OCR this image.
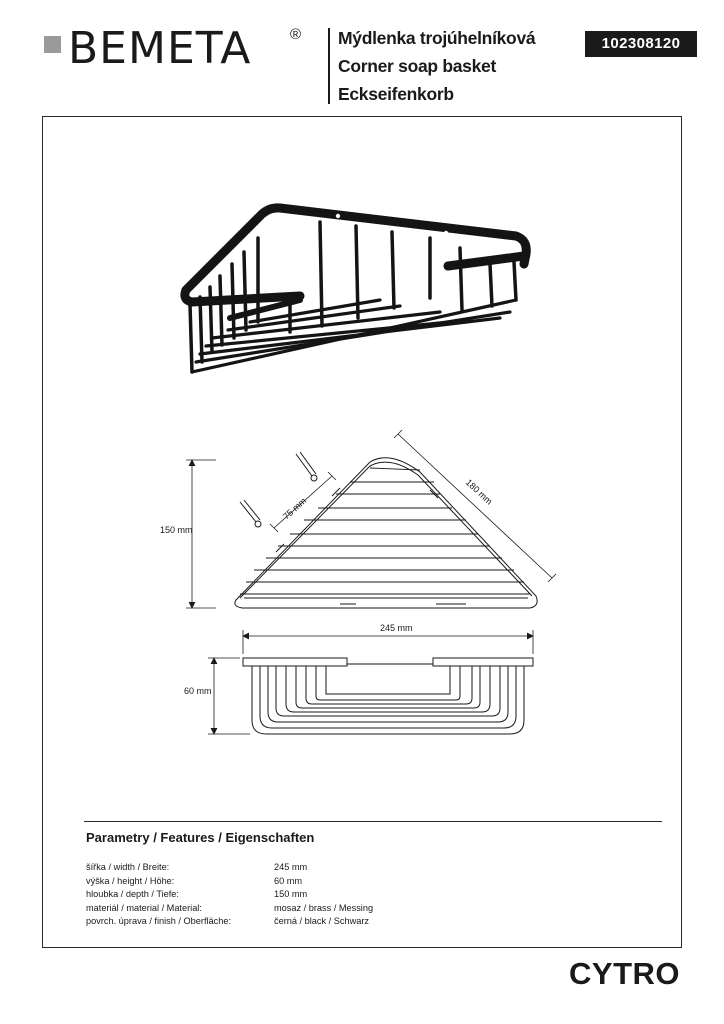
BEMETA	® Mýdlenka trojúhelníková
Corner soap basket
Eckseifenkorb
102308120
150 mm
75 mm
180 mm
245 mm
60 mm
Parametry / Features / Eigenschaften
šířka / width / Breite:	245 mm
výška / height / Höhe:	60 mm
hloubka / depth / Tiefe:	150 mm
materiál / material / Material:	mosaz / brass / Messing
povrch. úprava / finish / Oberfläche:	černá / black / Schwarz
CYTRO
